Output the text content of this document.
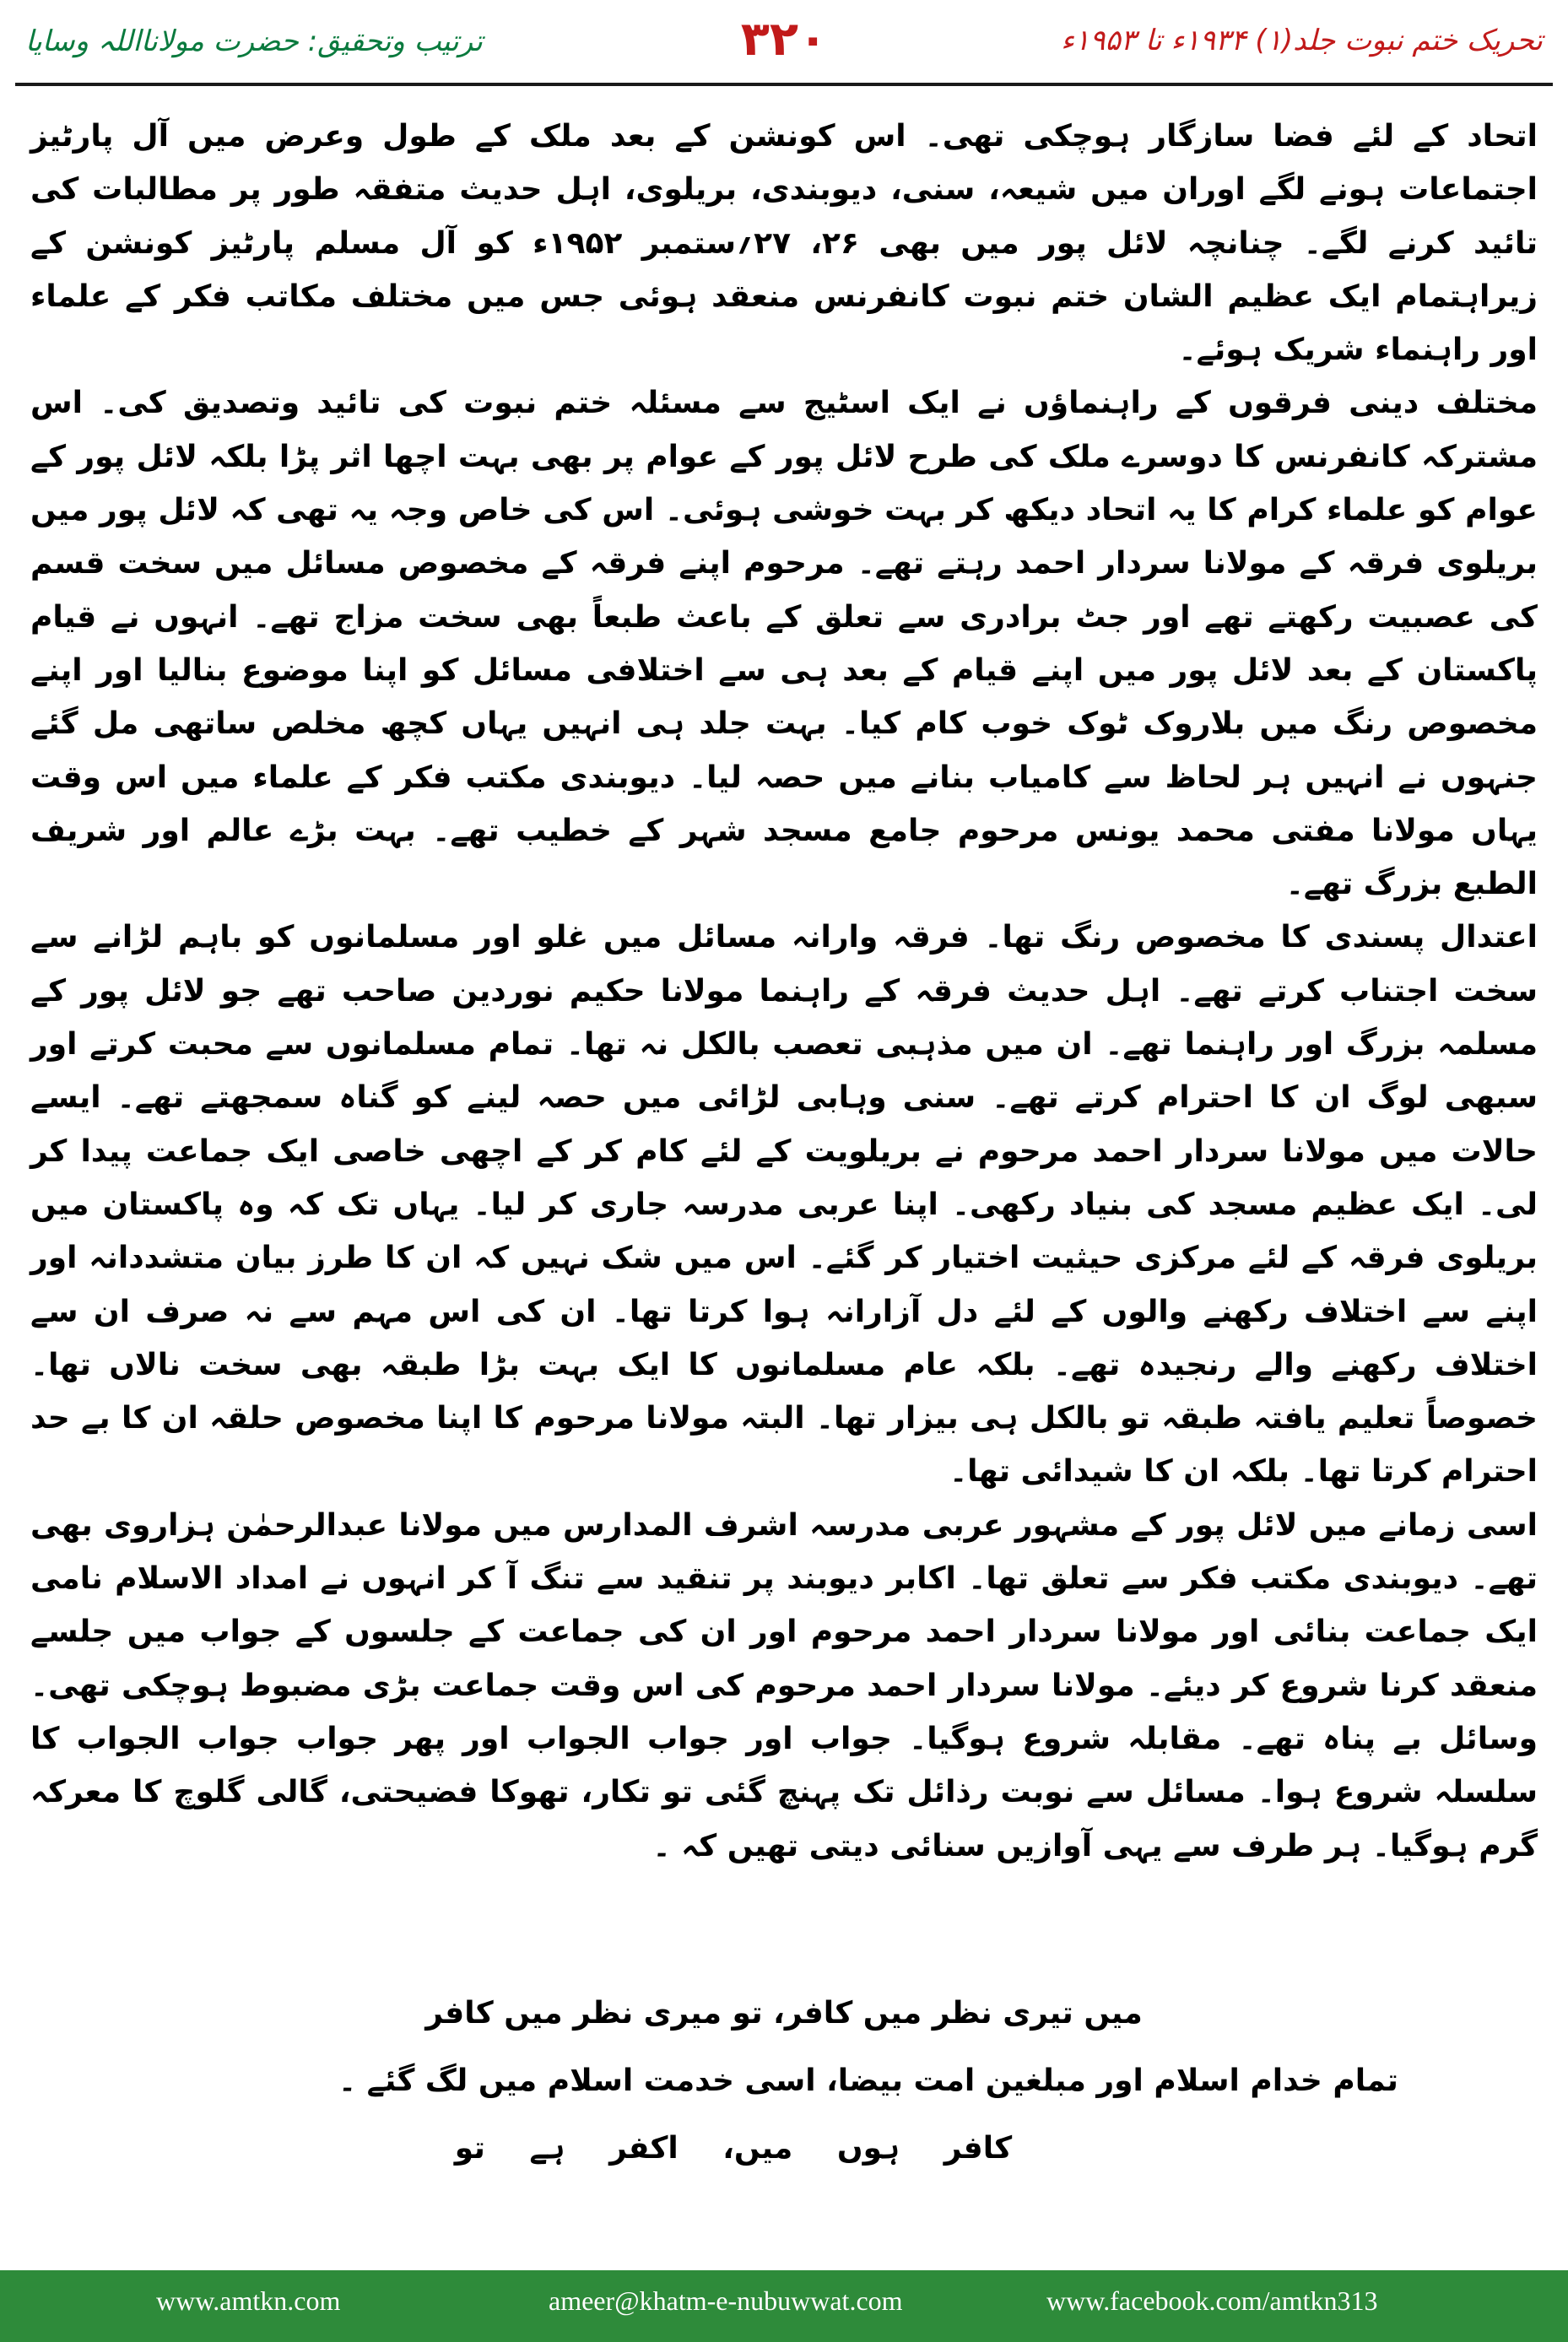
ترتیب وتحقیق: حضرت مولانااللہ وسایا	۳۲۰	تحریک ختم نبوت جلد(۱) ۱۹۳۴ء تا ۱۹۵۳ء

اتحاد کے لئے فضا سازگار ہوچکی تھی۔ اس کونشن کے بعد ملک کے طول وعرض میں آل پارٹیز اجتماعات ہونے لگے اوران میں شیعہ، سنی، دیوبندی، بریلوی، اہل حدیث متفقہ طور پر مطالبات کی تائید کرنے لگے۔ چنانچہ لائل پور میں بھی ۲۶، ۲۷؍ستمبر ۱۹۵۲ء کو آل مسلم پارٹیز کونشن کے زیراہتمام ایک عظیم الشان ختم نبوت کانفرنس منعقد ہوئی جس میں مختلف مکاتب فکر کے علماء اور راہنماء شریک ہوئے۔

مختلف دینی فرقوں کے راہنماؤں نے ایک اسٹیج سے مسئلہ ختم نبوت کی تائید وتصدیق کی۔ اس مشترکہ کانفرنس کا دوسرے ملک کی طرح لائل پور کے عوام پر بھی بہت اچھا اثر پڑا بلکہ لائل پور کے عوام کو علماء کرام کا یہ اتحاد دیکھ کر بہت خوشی ہوئی۔ اس کی خاص وجہ یہ تھی کہ لائل پور میں بریلوی فرقہ کے مولانا سردار احمد رہتے تھے۔ مرحوم اپنے فرقہ کے مخصوص مسائل میں سخت قسم کی عصبیت رکھتے تھے اور جٹ برادری سے تعلق کے باعث طبعاً بھی سخت مزاج تھے۔ انہوں نے قیام پاکستان کے بعد لائل پور میں اپنے قیام کے بعد ہی سے اختلافی مسائل کو اپنا موضوع بنالیا اور اپنے مخصوص رنگ میں بلاروک ٹوک خوب کام کیا۔ بہت جلد ہی انہیں یہاں کچھ مخلص ساتھی مل گئے جنہوں نے انہیں ہر لحاظ سے کامیاب بنانے میں حصہ لیا۔ دیوبندی مکتب فکر کے علماء میں اس وقت یہاں مولانا مفتی محمد یونس مرحوم جامع مسجد شہر کے خطیب تھے۔ بہت بڑے عالم اور شریف الطبع بزرگ تھے۔

اعتدال پسندی کا مخصوص رنگ تھا۔ فرقہ وارانہ مسائل میں غلو اور مسلمانوں کو باہم لڑانے سے سخت اجتناب کرتے تھے۔ اہل حدیث فرقہ کے راہنما مولانا حکیم نوردین صاحب تھے جو لائل پور کے مسلمہ بزرگ اور راہنما تھے۔ ان میں مذہبی تعصب بالکل نہ تھا۔ تمام مسلمانوں سے محبت کرتے اور سبھی لوگ ان کا احترام کرتے تھے۔ سنی وہابی لڑائی میں حصہ لینے کو گناہ سمجھتے تھے۔ ایسے حالات میں مولانا سردار احمد مرحوم نے بریلویت کے لئے کام کر کے اچھی خاصی ایک جماعت پیدا کر لی۔ ایک عظیم مسجد کی بنیاد رکھی۔ اپنا عربی مدرسہ جاری کر لیا۔ یہاں تک کہ وہ پاکستان میں بریلوی فرقہ کے لئے مرکزی حیثیت اختیار کر گئے۔ اس میں شک نہیں کہ ان کا طرز بیان متشددانہ اور اپنے سے اختلاف رکھنے والوں کے لئے دل آزارانہ ہوا کرتا تھا۔ ان کی اس مہم سے نہ صرف ان سے اختلاف رکھنے والے رنجیدہ تھے۔ بلکہ عام مسلمانوں کا ایک بہت بڑا طبقہ بھی سخت نالاں تھا۔ خصوصاً تعلیم یافتہ طبقہ تو بالکل ہی بیزار تھا۔ البتہ مولانا مرحوم کا اپنا مخصوص حلقہ ان کا بے حد احترام کرتا تھا۔ بلکہ ان کا شیدائی تھا۔

اسی زمانے میں لائل پور کے مشہور عربی مدرسہ اشرف المدارس میں مولانا عبدالرحمٰن ہزاروی بھی تھے۔ دیوبندی مکتب فکر سے تعلق تھا۔ اکابر دیوبند پر تنقید سے تنگ آ کر انہوں نے امداد الاسلام نامی ایک جماعت بنائی اور مولانا سردار احمد مرحوم اور ان کی جماعت کے جلسوں کے جواب میں جلسے منعقد کرنا شروع کر دیئے۔ مولانا سردار احمد مرحوم کی اس وقت جماعت بڑی مضبوط ہوچکی تھی۔ وسائل بے پناہ تھے۔ مقابلہ شروع ہوگیا۔ جواب اور جواب الجواب اور پھر جواب جواب الجواب کا سلسلہ شروع ہوا۔ مسائل سے نوبت رذائل تک پہنچ گئی تو تکار، تھوکا فضیحتی، گالی گلوچ کا معرکہ گرم ہوگیا۔ ہر طرف سے یہی آوازیں سنائی دیتی تھیں کہ ۔

میں تیری نظر میں کافر، تو میری نظر میں کافر
تمام خدام اسلام اور مبلغین امت بیضا، اسی خدمت اسلام میں لگ گئے ۔
کافر ہوں میں، اکفر ہے تو
www.amtkn.com	ameer@khatm-e-nubuwwat.com	www.facebook.com/amtkn313
